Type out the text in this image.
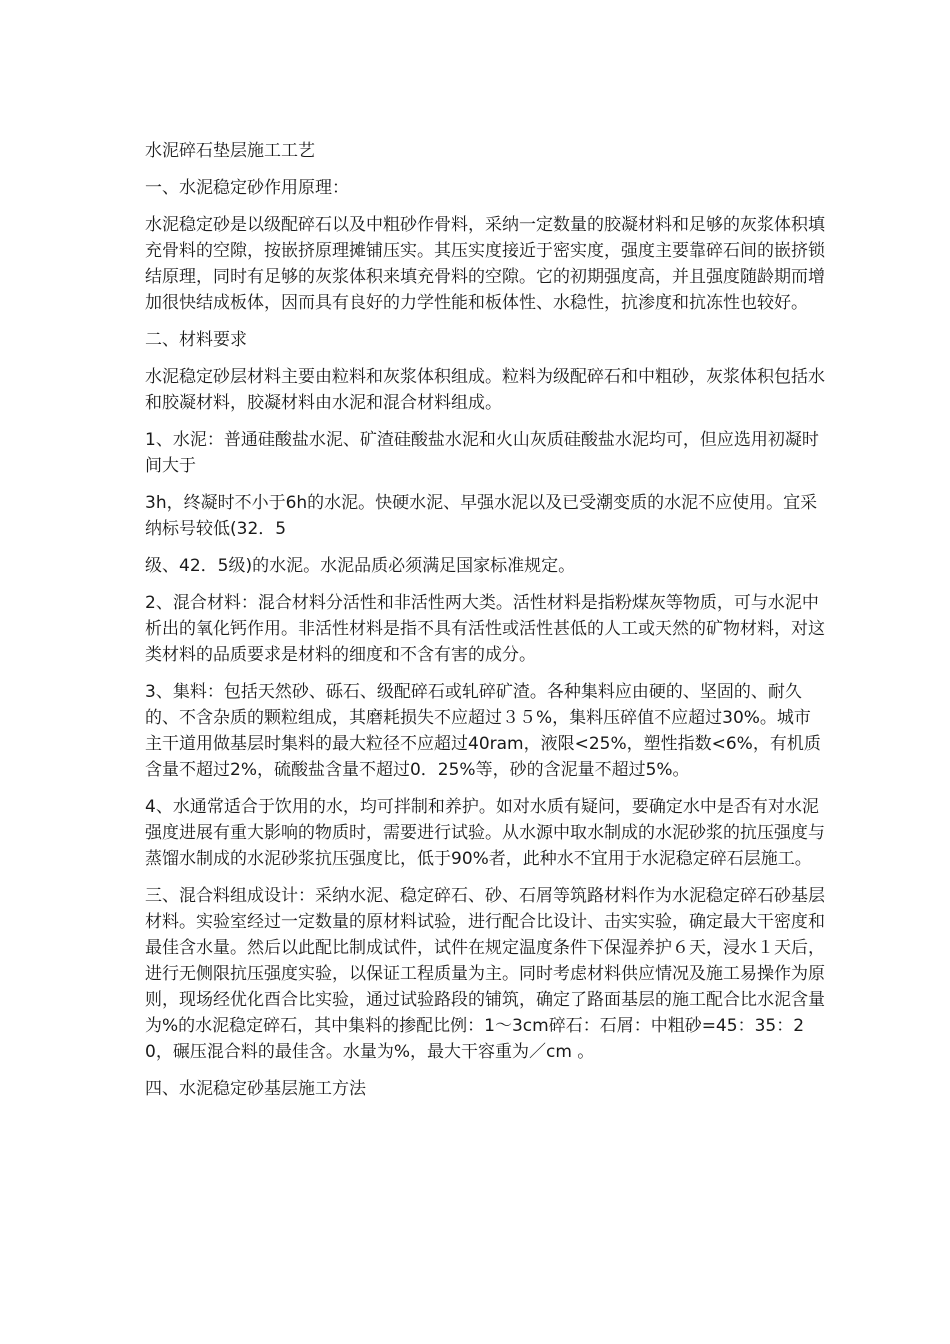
水泥碎石垫层施工工艺

一、水泥稳定砂作用原理：

水泥稳定砂是以级配碎石以及中粗砂作骨料，采纳一定数量的胶凝材料和足够的灰浆体积填充骨料的空隙，按嵌挤原理摊铺压实。其压实度接近于密实度，强度主要靠碎石间的嵌挤锁结原理，同时有足够的灰浆体积来填充骨料的空隙。它的初期强度高，并且强度随龄期而增加很快结成板体，因而具有良好的力学性能和板体性、水稳性，抗渗度和抗冻性也较好。

二、材料要求

水泥稳定砂层材料主要由粒料和灰浆体积组成。粒料为级配碎石和中粗砂，灰浆体积包括水和胶凝材料，胶凝材料由水泥和混合材料组成。

1、水泥：普通硅酸盐水泥、矿渣硅酸盐水泥和火山灰质硅酸盐水泥均可，但应选用初凝时间大于

3h，终凝时不小于6h的水泥。快硬水泥、早强水泥以及已受潮变质的水泥不应使用。宜采纳标号较低(32．5

级、42．5级)的水泥。水泥品质必须满足国家标准规定。

2、混合材料：混合材料分活性和非活性两大类。活性材料是指粉煤灰等物质，可与水泥中析出的氧化钙作用。非活性材料是指不具有活性或活性甚低的人工或天然的矿物材料，对这类材料的品质要求是材料的细度和不含有害的成分。

3、集料：包括天然砂、砾石、级配碎石或轧碎矿渣。各种集料应由硬的、坚固的、耐久的、不含杂质的颗粒组成，其磨耗损失不应超过３５%，集料压碎值不应超过30%。城市主干道用做基层时集料的最大粒径不应超过40ram，液限<25%，塑性指数<6%，有机质含量不超过2%，硫酸盐含量不超过0．25%等，砂的含泥量不超过5%。

4、水通常适合于饮用的水，均可拌制和养护。如对水质有疑问，要确定水中是否有对水泥强度进展有重大影响的物质时，需要进行试验。从水源中取水制成的水泥砂浆的抗压强度与蒸馏水制成的水泥砂浆抗压强度比，低于90%者，此种水不宜用于水泥稳定碎石层施工。

三、混合料组成设计：采纳水泥、稳定碎石、砂、石屑等筑路材料作为水泥稳定碎石砂基层材料。实验室经过一定数量的原材料试验，进行配合比设计、击实实验，确定最大干密度和最佳含水量。然后以此配比制成试件，试件在规定温度条件下保湿养护６天，浸水１天后，进行无侧限抗压强度实验，以保证工程质量为主。同时考虑材料供应情况及施工易操作为原则，现场经优化酉合比实验，通过试验路段的铺筑，确定了路面基层的施工配合比水泥含量为%的水泥稳定碎石，其中集料的掺配比例：1～3cm碎石：石屑：中粗砂=45：35：20，碾压混合料的最佳含。水量为%，最大干容重为／cm 。

四、水泥稳定砂基层施工方法
